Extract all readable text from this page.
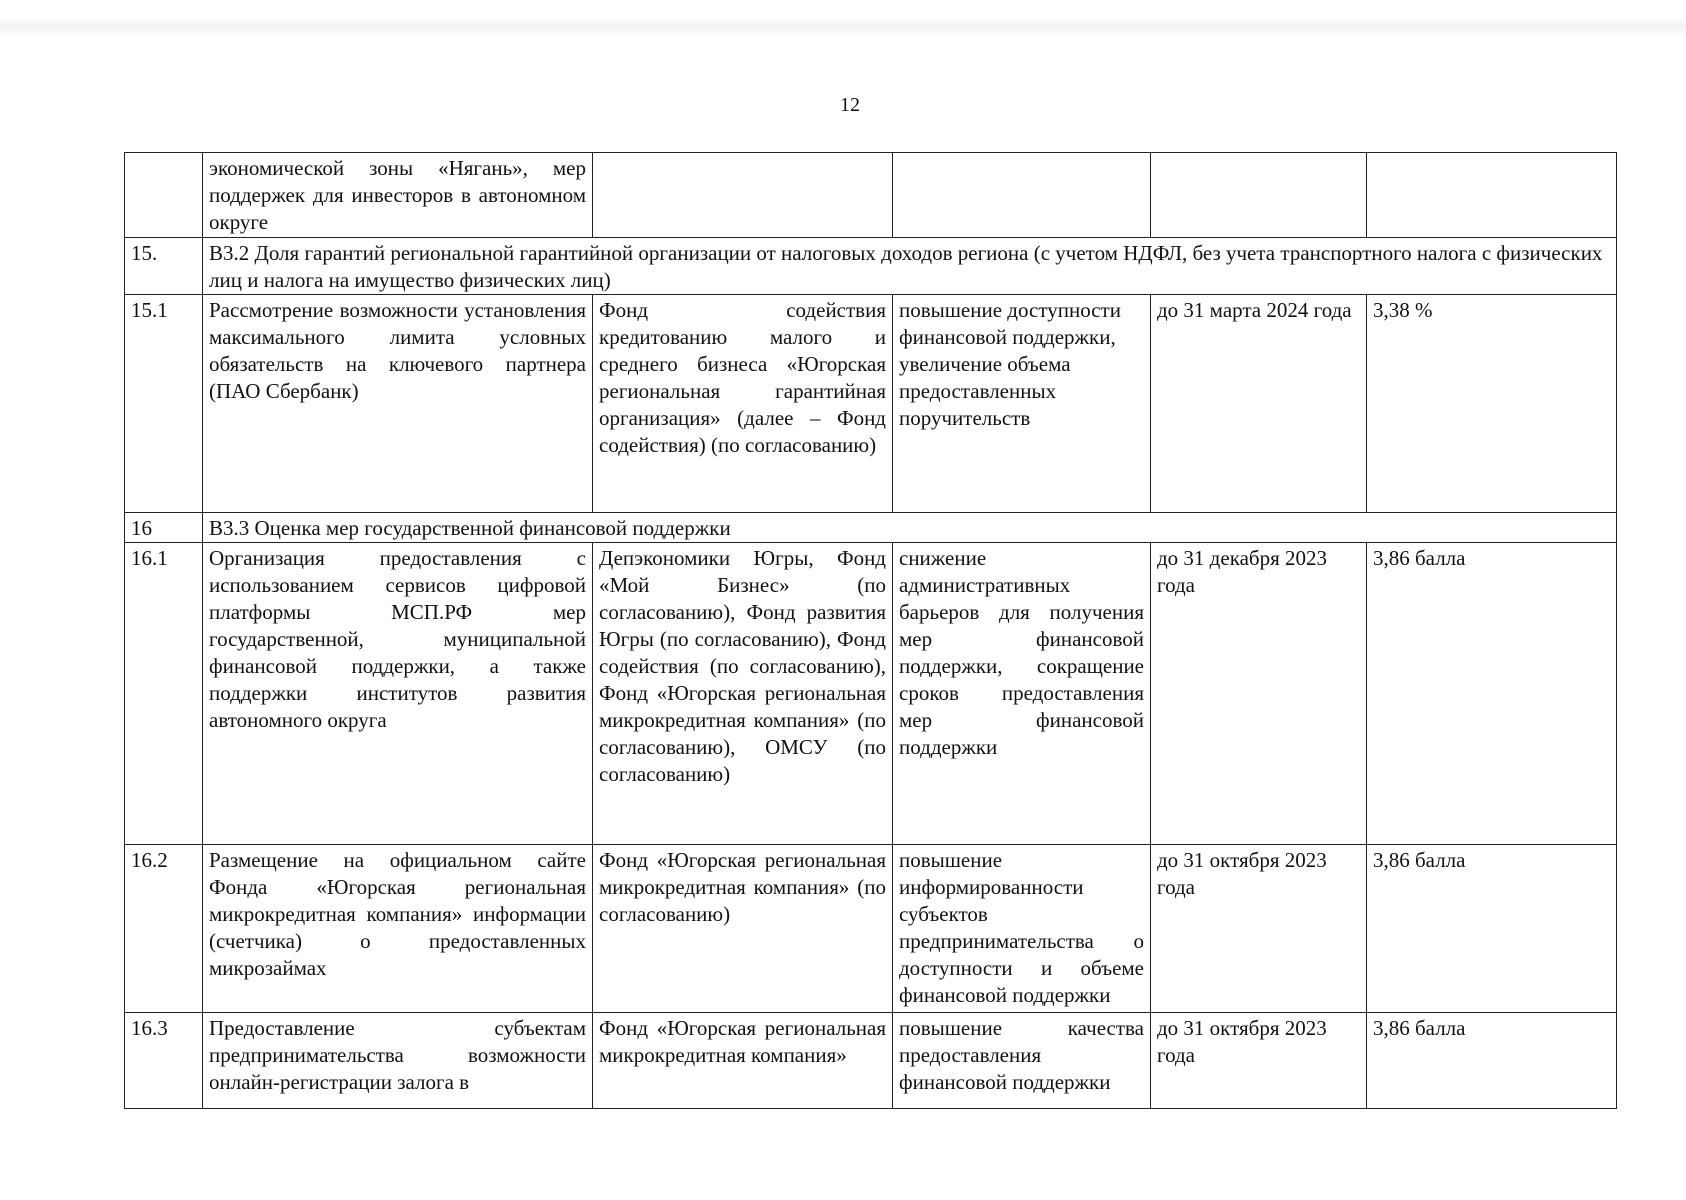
12
	экономической зоны «Нягань», мер поддержек для инвесторов в автономном округе				
15.	В3.2 Доля гарантий региональной гарантийной организации от налоговых доходов региона (с учетом НДФЛ, без учета транспортного налога с физических лиц и налога на имущество физических лиц)				
15.1	Рассмотрение возможности установления максимального лимита условных обязательств на ключевого партнера (ПАО Сбербанк)	Фонд содействия кредитованию малого и среднего бизнеса «Югорская региональная гарантийная организация» (далее – Фонд содействия) (по согласованию)	повышение доступности финансовой поддержки, увеличение объема предоставленных поручительств	до 31 марта 2024 года	3,38 %
16	В3.3 Оценка мер государственной финансовой поддержки				
16.1	Организация предоставления с использованием сервисов цифровой платформы МСП.РФ мер государственной, муниципальной финансовой поддержки, а также поддержки институтов развития автономного округа	Депэкономики Югры, Фонд «Мой Бизнес» (по согласованию), Фонд развития Югры (по согласованию), Фонд содействия (по согласованию), Фонд «Югорская региональная микрокредитная компания» (по согласованию), ОМСУ (по согласованию)	снижение административных барьеров для получения мер финансовой поддержки, сокращение сроков предоставления мер финансовой поддержки	до 31 декабря 2023 года	3,86 балла
16.2	Размещение на официальном сайте Фонда «Югорская региональная микрокредитная компания» информации (счетчика) о предоставленных микрозаймах	Фонд «Югорская региональная микрокредитная компания» (по согласованию)	повышение информированности субъектов предпринимательства о доступности и объеме финансовой поддержки	до 31 октября 2023 года	3,86 балла
16.3	Предоставление субъектам предпринимательства возможности онлайн-регистрации залога в	Фонд «Югорская региональная микрокредитная компания»	повышение качества предоставления финансовой поддержки	до 31 октября 2023 года	3,86 балла
